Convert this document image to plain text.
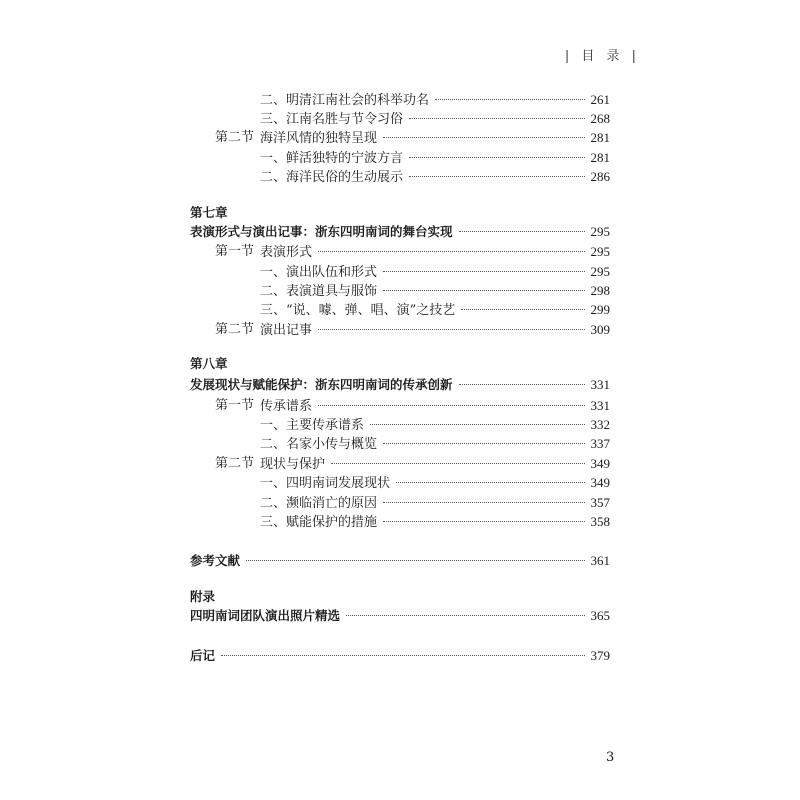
| 目 录 |
二、明清江南社会的科举功名	261
三、江南名胜与节令习俗	268
第二节 海洋风情的独特呈现	281
一、鲜活独特的宁波方言	281
二、海洋民俗的生动展示	286
第七章
表演形式与演出记事：浙东四明南词的舞台实现	295
第一节 表演形式	295
一、演出队伍和形式	295
二、表演道具与服饰	298
三、“说、噱、弹、唱、演”之技艺	299
第二节 演出记事	309
第八章
发展现状与赋能保护：浙东四明南词的传承创新	331
第一节 传承谱系	331
一、主要传承谱系	332
二、名家小传与概览	337
第二节 现状与保护	349
一、四明南词发展现状	349
二、濒临消亡的原因	357
三、赋能保护的措施	358
参考文献	361
附录
四明南词团队演出照片精选	365
后记	379
3
